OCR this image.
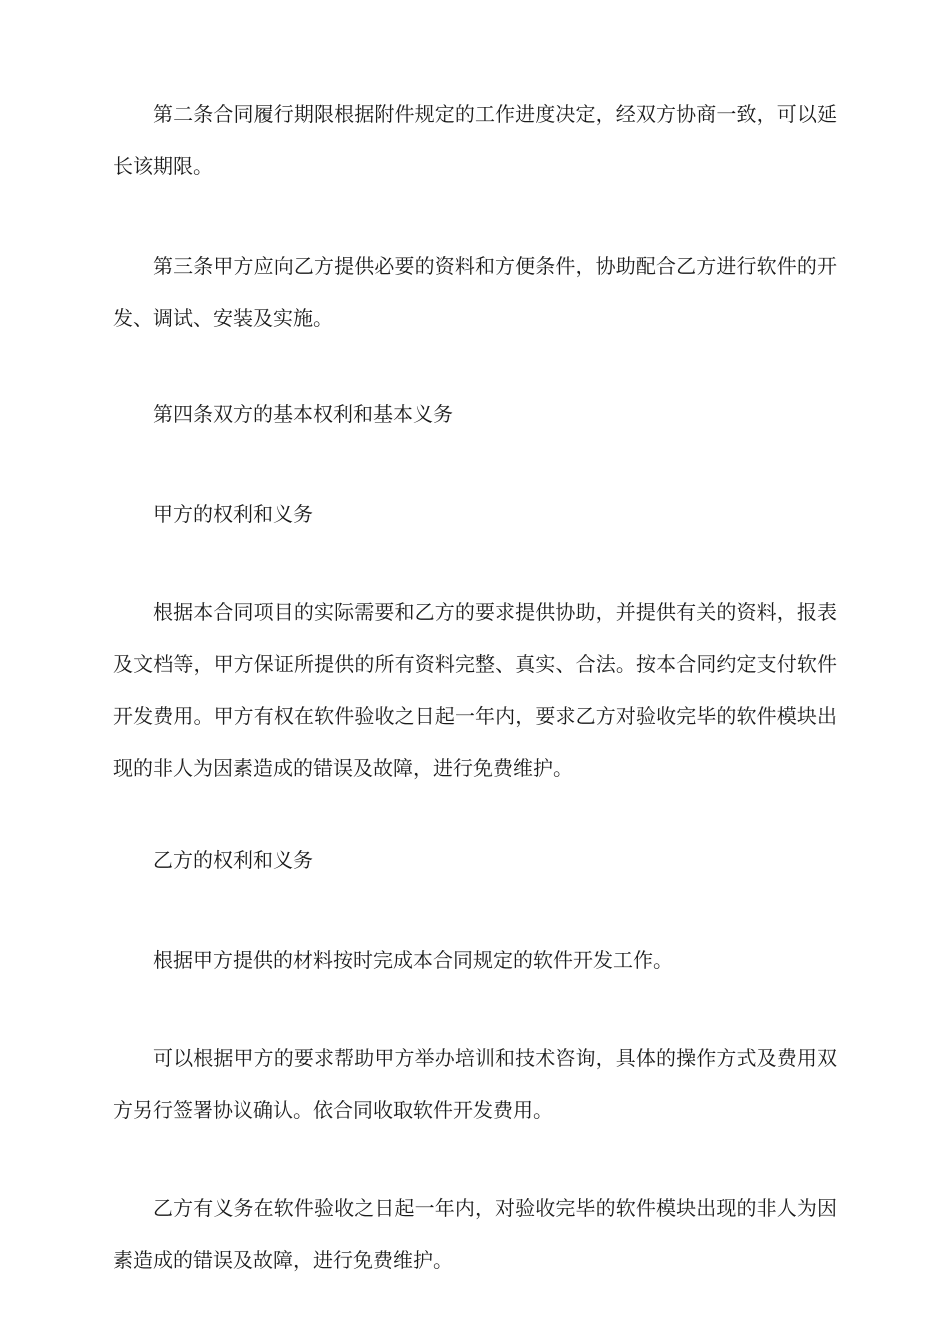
第二条合同履行期限根据附件规定的工作进度决定，经双方协商一致，可以延长该期限。

第三条甲方应向乙方提供必要的资料和方便条件，协助配合乙方进行软件的开发、调试、安装及实施。

第四条双方的基本权利和基本义务

甲方的权利和义务

根据本合同项目的实际需要和乙方的要求提供协助，并提供有关的资料，报表及文档等，甲方保证所提供的所有资料完整、真实、合法。按本合同约定支付软件开发费用。甲方有权在软件验收之日起一年内，要求乙方对验收完毕的软件模块出现的非人为因素造成的错误及故障，进行免费维护。

乙方的权利和义务

根据甲方提供的材料按时完成本合同规定的软件开发工作。

可以根据甲方的要求帮助甲方举办培训和技术咨询，具体的操作方式及费用双方另行签署协议确认。依合同收取软件开发费用。

乙方有义务在软件验收之日起一年内，对验收完毕的软件模块出现的非人为因素造成的错误及故障，进行免费维护。
